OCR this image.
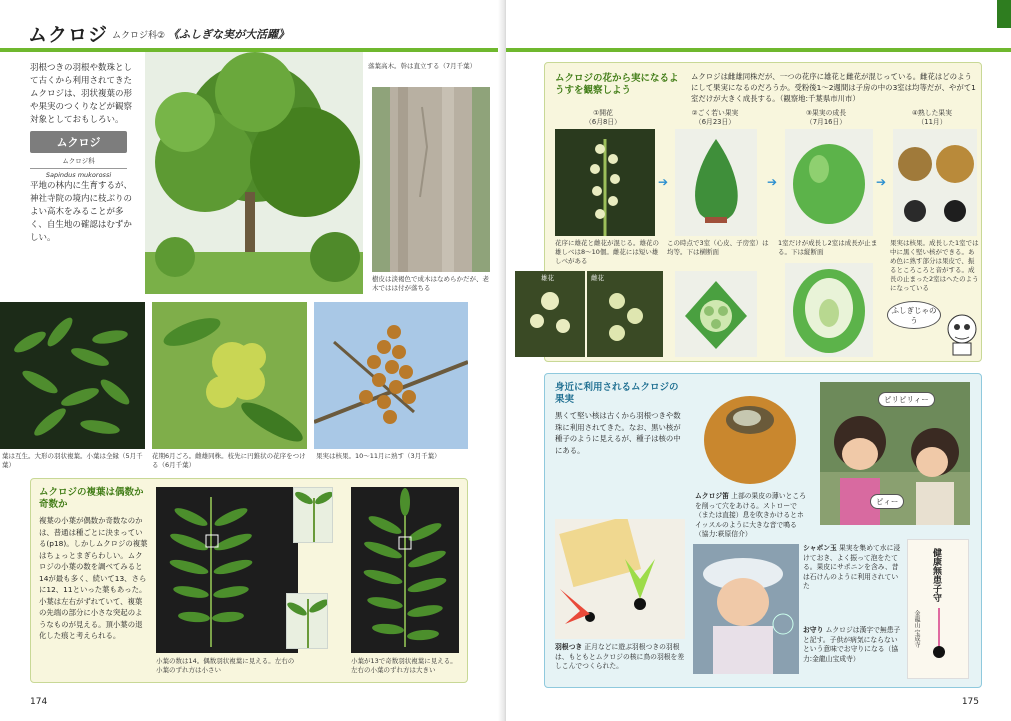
ムクロジ ムクロジ科② 《ふしぎな実が大活躍》
羽根つきの羽根や数珠として古くから利用されてきたムクロジは、羽状複葉の形や果実のつくりなどが観察対象としておもしろい。
ムクロジ
ムクロジ科
Sapindus mukorossi
平地の林内に生育するが、神社寺院の境内に枝ぶりのよい高木をみることが多く、自生地の確認はむずかしい。
落葉高木。幹は直立する（7月千葉）
樹皮は淡褐色で成木はなめらかだが、老木ではは付が落ちる
葉は互生。大形の羽状複葉。小葉は全縁（5月千葉）
花期6月ごろ。雌雄同株。枝先に円錐状の花序をつける（6月千葉）
果実は核果。10〜11月に熟す（3月千葉）
ムクロジの複葉は偶数か奇数か
複葉の小葉が偶数か奇数なのかは、普通は種ごとに決まっている(p18)。しかしムクロジの複葉はちょっとまぎらわしい。ムクロジの小葉の数を調べてみると14が最も多く、続いて13、さらに12、11といった葉もあった。小葉は左右がずれていて、複葉の先端の部分に小さな突起のようなものが見える。頂小葉の退化した痕と考えられる。
小葉の数は14。偶数羽状複葉に見える。左右の小葉のずれ方は小さい
小葉が13で奇数羽状複葉に見える。左右の小葉のずれ方は大きい
174
ムクロジの花から実になるようすを観察しよう
ムクロジは雌雄同株だが、一つの花序に雄花と雌花が混じっている。雌花はどのようにして果実になるのだろうか。受粉後1〜2週間は子房の中の3室は均等だが、やがて1室だけが大きく成長する。（観察地:千葉県市川市）
①開花
（6月8日）
②ごく若い果実
（6月23日）
③果実の成長
（7月16日）
④熟した果実
（11月）
➔	➔	➔
花序に雄花と雌花が混じる。雄花の雄しべは8〜10個。雌花には短い雄しべがある
この時点で3室（心皮、子房室）は均等。下は横断面
1室だけが成長し2室は成長が止まる。下は縦断面
果実は核果。成長した1室では中に黒く堅い核ができる。あめ色に熟す部分は果皮で、振るところころと音がする。成長の止まった2室はへたのようになっている
雄花	雌花
ふしぎじゃのう
身近に利用されるムクロジの果実
黒くて堅い核は古くから羽根つきや数珠に利用されてきた。なお、黒い核が種子のように見えるが、種子は核の中にある。
ムクロジ笛 上部の果皮の薄いところを削って穴をあける。ストローで（または直接）息を吹きかけるとホイッスルのように大きな音で鳴る（協力:萩原信介）
ピリピリィー
ピィー
羽根つき 正月などに遊ぶ羽根つきの羽根は、もともとムクロジの核に鳥の羽根を差しこんでつくられた。
シャボン玉 果実を集めて水に浸けておき、よく振って泡をたてる。果皮にサポニンを含み、昔は石けんのように利用されていた
お守り ムクロジは漢字で無患子と記す。子供が病気にならないという意味でお守りになる（協力:金龍山宝成寺）
健康無患子守
金龍山 宝成寺
175
